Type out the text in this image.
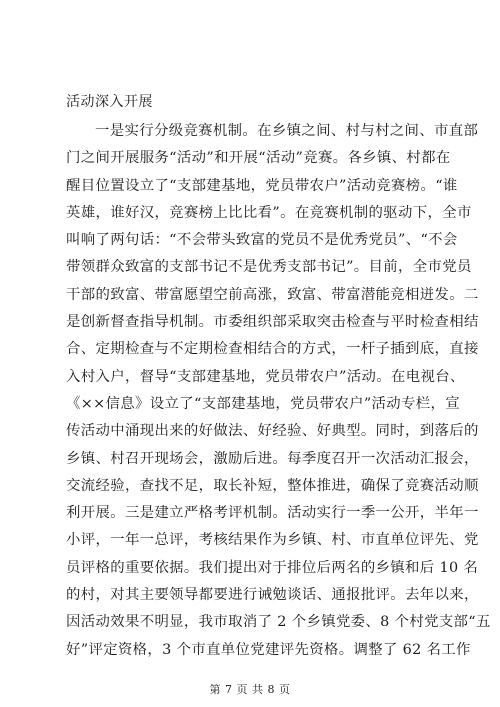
活动深入开展
一是实行分级竞赛机制。在乡镇之间、村与村之间、市直部
门之间开展服务“活动”和开展“活动”竞赛。各乡镇、村都在
醒目位置设立了“支部建基地，党员带农户”活动竞赛榜。“谁
英雄，谁好汉，竞赛榜上比比看”。在竞赛机制的驱动下，全市
叫响了两句话：“不会带头致富的党员不是优秀党员”、“不会
带领群众致富的支部书记不是优秀支部书记”。目前，全市党员
干部的致富、带富愿望空前高涨，致富、带富潜能竞相迸发。二
是创新督查指导机制。市委组织部采取突击检查与平时检查相结
合、定期检查与不定期检查相结合的方式，一杆子插到底，直接
入村入户，督导“支部建基地，党员带农户”活动。在电视台、
《××信息》设立了“支部建基地，党员带农户”活动专栏，宣
传活动中涌现出来的好做法、好经验、好典型。同时，到落后的
乡镇、村召开现场会，激励后进。每季度召开一次活动汇报会，
交流经验，查找不足，取长补短，整体推进，确保了竞赛活动顺
利开展。三是建立严格考评机制。活动实行一季一公开，半年一
小评，一年一总评，考核结果作为乡镇、村、市直单位评先、党
员评格的重要依据。我们提出对于排位后两名的乡镇和后 10 名
的村，对其主要领导都要进行诫勉谈话、通报批评。去年以来，
因活动效果不明显，我市取消了 2 个乡镇党委、8 个村党支部“五
好”评定资格，3 个市直单位党建评先资格。调整了 62 名工作
第 7 页 共 8 页
